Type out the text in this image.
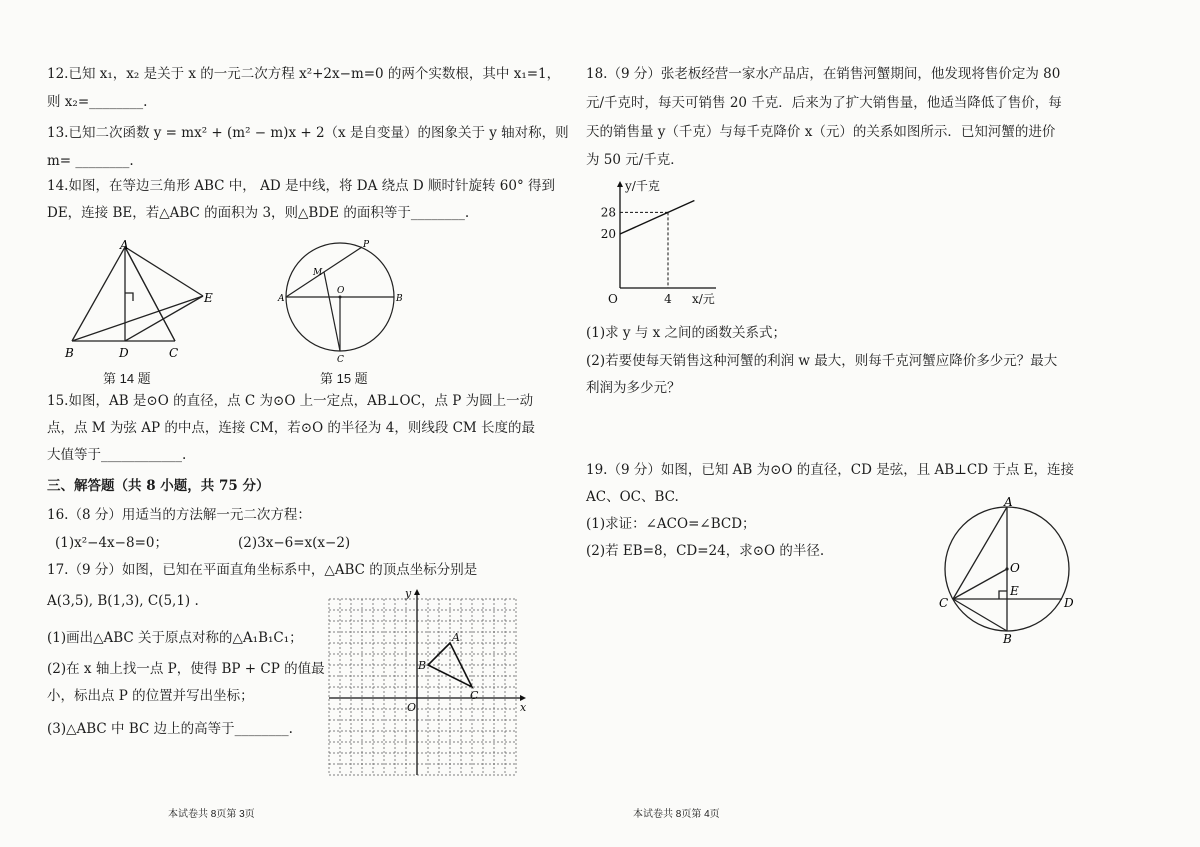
12.已知 x₁，x₂ 是关于 x 的一元二次方程 x²+2x−m=0 的两个实数根，其中 x₁=1，
则 x₂=________.
13.已知二次函数 y = mx² + (m² − m)x + 2（x 是自变量）的图象关于 y 轴对称，则
m= ________.
14.如图，在等边三角形 ABC 中， AD 是中线，将 DA 绕点 D 顺时针旋转 60° 得到
DE，连接 BE，若△ABC 的面积为 3，则△BDE 的面积等于________.
A
B	D	C
E
第 14 题
A	B
C
O
M
P
第 15 题
15.如图，AB 是⊙O 的直径，点 C 为⊙O 上一定点，AB⊥OC，点 P 为圆上一动
点，点 M 为弦 AP 的中点，连接 CM，若⊙O 的半径为 4，则线段 CM 长度的最
大值等于____________.
三、解答题（共 8 小题，共 75 分）
16.（8 分）用适当的方法解一元二次方程：
(1)x²−4x−8=0；	(2)3x−6=x(x−2)
17.（9 分）如图，已知在平面直角坐标系中，△ABC 的顶点坐标分别是
A(3,5), B(1,3), C(5,1) .
(1)画出△ABC 关于原点对称的△A₁B₁C₁；
(2)在 x 轴上找一点 P，使得 BP + CP 的值最
小，标出点 P 的位置并写出坐标；
(3)△ABC 中 BC 边上的高等于________.
A
B
C
O
y
x
本试卷共 8页第 3页
18.（9 分）张老板经营一家水产品店，在销售河蟹期间，他发现将售价定为 80
元/千克时，每天可销售 20 千克．后来为了扩大销售量，他适当降低了售价，每
天的销售量 y（千克）与每千克降价 x（元）的关系如图所示．已知河蟹的进价
为 50 元/千克．
28
20
4
O
y/千克
x/元
(1)求 y 与 x 之间的函数关系式；
(2)若要使每天销售这种河蟹的利润 w 最大，则每千克河蟹应降价多少元？最大
利润为多少元？
19.（9 分）如图，已知 AB 为⊙O 的直径，CD 是弦，且 AB⊥CD 于点 E，连接
AC、OC、BC.
(1)求证：∠ACO=∠BCD；
(2)若 EB=8，CD=24，求⊙O 的半径.
A
O
C
E
D
B
本试卷共 8页第 4页
